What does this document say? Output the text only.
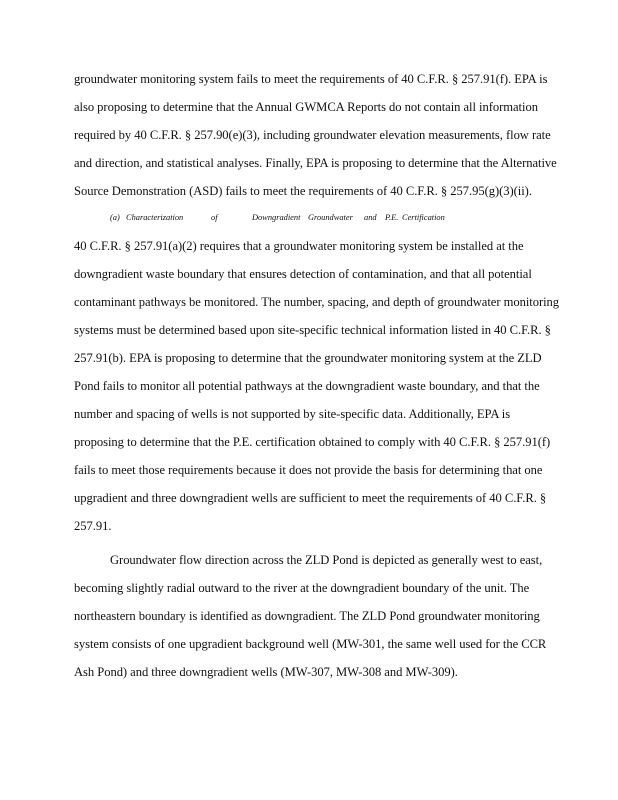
groundwater monitoring system fails to meet the requirements of 40 C.F.R. § 257.91(f). EPA is
also proposing to determine that the Annual GWMCA Reports do not contain all information
required by 40 C.F.R. § 257.90(e)(3), including groundwater elevation measurements, flow rate
and direction, and statistical analyses. Finally, EPA is proposing to determine that the Alternative
Source Demonstration (ASD) fails to meet the requirements of 40 C.F.R. § 257.95(g)(3)(ii).
(a) Characterization	of	Downgradient Groundwater and P.E. Certification
40 C.F.R. § 257.91(a)(2) requires that a groundwater monitoring system be installed at the
downgradient waste boundary that ensures detection of contamination, and that all potential
contaminant pathways be monitored. The number, spacing, and depth of groundwater monitoring
systems must be determined based upon site-specific technical information listed in 40 C.F.R. §
257.91(b). EPA is proposing to determine that the groundwater monitoring system at the ZLD
Pond fails to monitor all potential pathways at the downgradient waste boundary, and that the
number and spacing of wells is not supported by site-specific data. Additionally, EPA is
proposing to determine that the P.E. certification obtained to comply with 40 C.F.R. § 257.91(f)
fails to meet those requirements because it does not provide the basis for determining that one
upgradient and three downgradient wells are sufficient to meet the requirements of 40 C.F.R. §
257.91.
Groundwater flow direction across the ZLD Pond is depicted as generally west to east,
becoming slightly radial outward to the river at the downgradient boundary of the unit. The
northeastern boundary is identified as downgradient. The ZLD Pond groundwater monitoring
system consists of one upgradient background well (MW-301, the same well used for the CCR
Ash Pond) and three downgradient wells (MW-307, MW-308 and MW-309).
